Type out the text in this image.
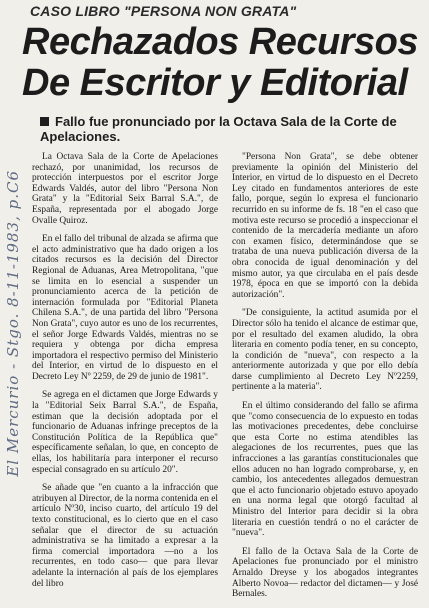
CASO LIBRO "PERSONA NON GRATA"
Rechazados Recursos De Escritor y Editorial
Fallo fue pronunciado por la Octava Sala de la Corte de Apelaciones.
El Mercurio - Stgo. 8-11-1983, p.C6

La Octava Sala de la Corte de Apelaciones rechazó, por unanimidad, los recursos de protección interpuestos por el escritor Jorge Edwards Valdés, autor del libro "Persona Non Grata" y la "Editorial Seix Barral S.A.", de España, representada por el abogado Jorge Ovalle Quiroz.

En el fallo del tribunal de alzada se afirma que el acto administrativo que ha dado origen a los citados recursos es la decisión del Director Regional de Aduanas, Area Metropolitana, "que se limita en lo esencial a suspender un pronunciamiento acerca de la petición de internación formulada por "Editorial Planeta Chilena S.A.", de una partida del libro "Persona Non Grata", cuyo autor es uno de los recurrentes, el señor Jorge Edwards Valdés, mientras no se requiera y obtenga por dicha empresa importadora el respectivo permiso del Ministerio del Interior, en virtud de lo dispuesto en el Decreto Ley Nº 2259, de 29 de junio de 1981".

Se agrega en el dictamen que Jorge Edwards y la "Editorial Seix Barral S.A.", de España, estiman que la decisión adoptada por el funcionario de Aduanas infringe preceptos de la Constitución Política de la República que" específicamente señalan, lo que, en concepto de ellas, los habilitaría para interponer el recurso especial consagrado en su artículo 20".

Se añade que "en cuanto a la infracción que atribuyen al Director, de la norma contenida en el artículo Nº30, inciso cuarto, del artículo 19 del texto constitucional, es lo cierto que en el caso señalar que el director de su actuación administrativa se ha limitado a expresar a la firma comercial importadora —no a los recurrentes, en todo caso— que para llevar adelante la internación al país de los ejemplares del libro

"Persona Non Grata", se debe obtener previamente la opinión del Ministerio del Interior, en virtud de lo dispuesto en el Decreto Ley citado en fundamentos anteriores de este fallo, porque, según lo expresa el funcionario recurrido en su informe de fs. 18 "en el caso que motiva este recurso se procedió a inspeccionar el contenido de la mercadería mediante un aforo con examen físico, determinándose que se trataba de una nueva publicación diversa de la obra conocida de igual denominación y del mismo autor, ya que circulaba en el país desde 1978, época en que se importó con la debida autorización".

"De consiguiente, la actitud asumida por el Director sólo ha tenido el alcance de estimar que, por el resultado del examen aludido, la obra literaria en comento podía tener, en su concepto, la condición de "nueva", con respecto a la anteriormente autorizada y que por ello debía darse cumplimiento al Decreto Ley Nº2259, pertinente a la materia".

En el último considerando del fallo se afirma que "como consecuencia de lo expuesto en todas las motivaciones precedentes, debe concluirse que esta Corte no estima atendibles las alegaciones de los recurrentes, pues que las infracciones a las garantías constitucionales que ellos aducen no han logrado comprobarse, y, en cambio, los antecedentes allegados demuestran que el acto funcionario objetado estuvo apoyado en una norma legal que otorgó facultad al Ministro del Interior para decidir si la obra literaria en cuestión tendrá o no el carácter de "nueva".

El fallo de la Octava Sala de la Corte de Apelaciones fue pronunciado por el ministro Arnaldo Dreyse y los abogados integrantes Alberto Novoa— redactor del dictamen— y José Bernales.
